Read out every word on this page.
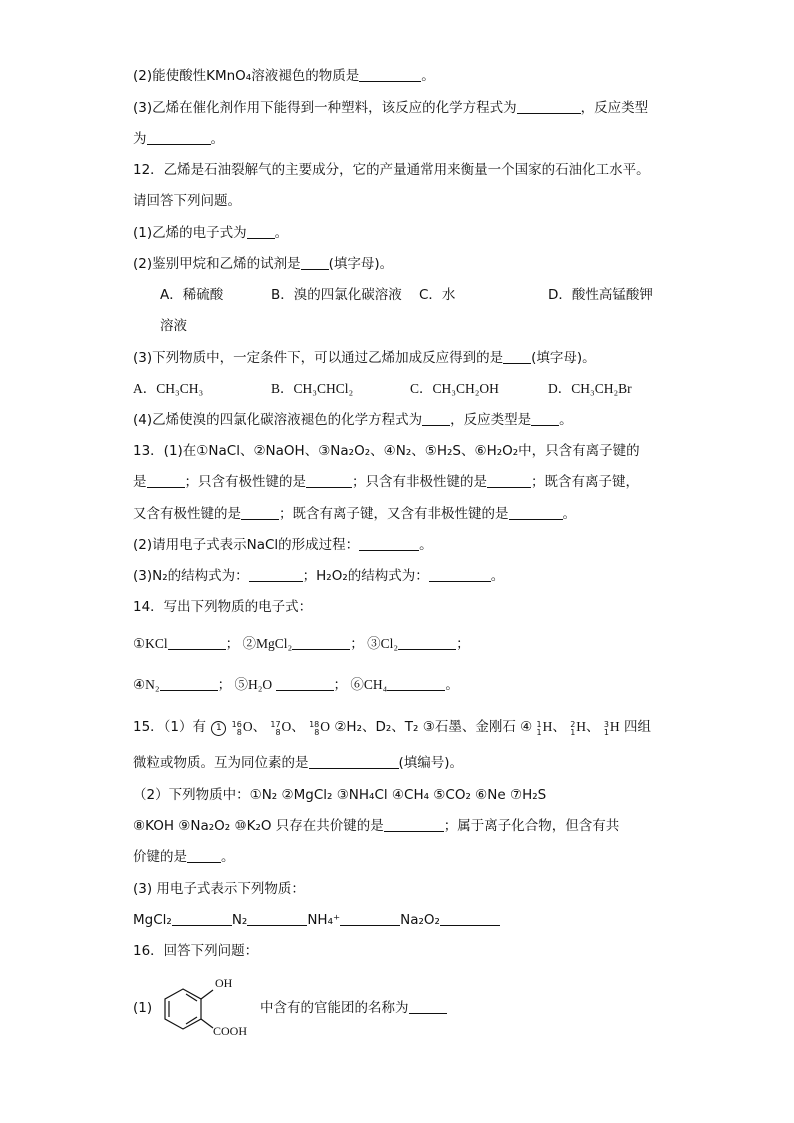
(2)能使酸性KMnO₄溶液褪色的物质是	。
(3)乙烯在催化剂作用下能得到一种塑料，该反应的化学方程式为	，反应类型
为	。
12．乙烯是石油裂解气的主要成分，它的产量通常用来衡量一个国家的石油化工水平。
请回答下列问题。
(1)乙烯的电子式为 。
(2)鉴别甲烷和乙烯的试剂是 (填字母)。
A．稀硫酸	B．溴的四氯化碳溶液 C．水	D．酸性高锰酸钾
溶液
(3)下列物质中，一定条件下，可以通过乙烯加成反应得到的是 (填字母)。
A．CH₃CH₃	B．CH₃CHCl₂	C．CH₃CH₂OH	D．CH₃CH₂Br
(4)乙烯使溴的四氯化碳溶液褪色的化学方程式为 ，反应类型是 。
13．(1)在①NaCl、②NaOH、③Na₂O₂、④N₂、⑤H₂S、⑥H₂O₂中，只含有离子键的
是	；只含有极性键的是	；只含有非极性键的是	；既含有离子键，
又含有极性键的是	；既含有离子键，又含有非极性键的是	。
(2)请用电子式表示NaCl的形成过程：	。
(3)N₂的结构式为：	；H₂O₂的结构式为：	。
14．写出下列物质的电子式：
①KCl	； ②MgCl₂	； ③Cl₂	；
④N₂	； ⑤H₂O	； ⑥CH₄	。
15．（1）有 1 16
8 O、 17
8 O、 18
8 O ②H₂、D₂、T₂ ③石墨、金刚石 ④ 1
1 H、 2
1 H、 3
1 H 四组
微粒或物质。互为同位素的是	(填编号)。
（2）下列物质中：①N₂ ②MgCl₂ ③NH₄Cl ④CH₄ ⑤CO₂ ⑥Ne ⑦H₂S
⑧KOH ⑨Na₂O₂ ⑩K₂O 只存在共价键的是	；属于离子化合物，但含有共
价键的是	。
(3) 用电子式表示下列物质：
MgCl₂	N₂	NH₄⁺	Na₂O₂
16．回答下列问题：
(1)
OH
COOH
中含有的官能团的名称为
